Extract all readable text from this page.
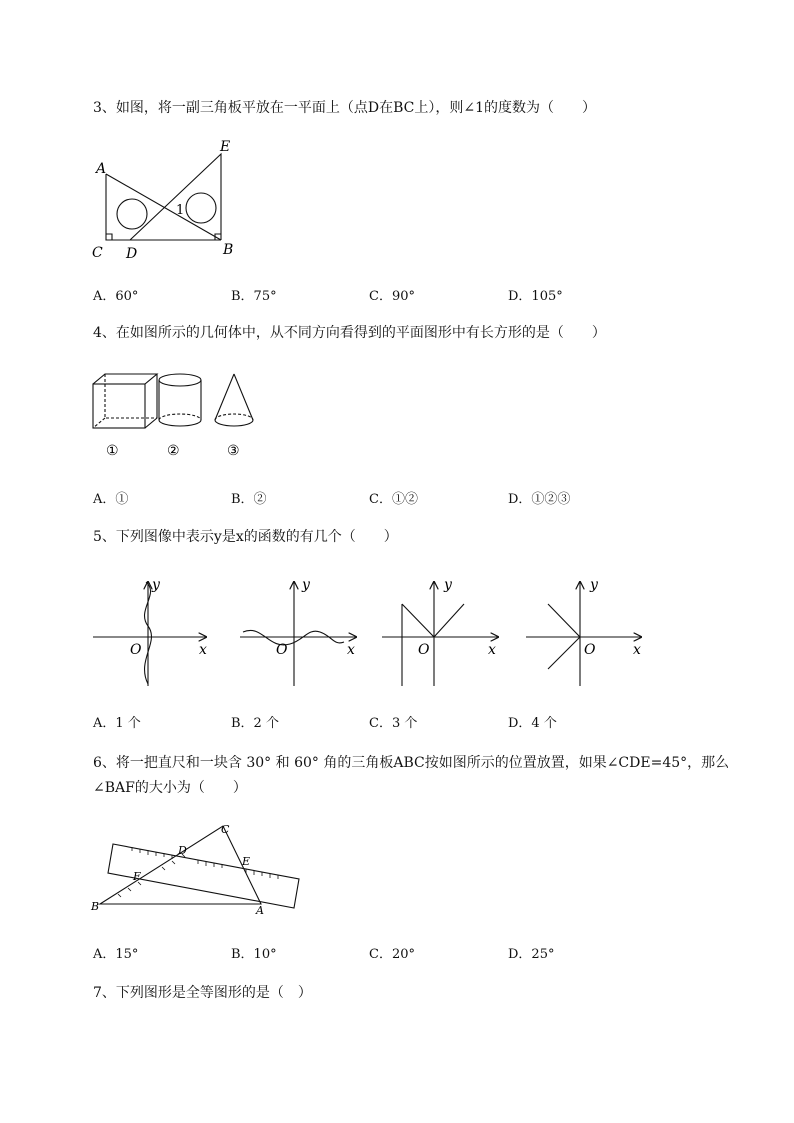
3、如图，将一副三角板平放在一平面上（点D在BC上），则∠1的度数为（　　）
A
B
C D
E
1
A．60°	B．75°	C．90°	D．105°
4、在如图所示的几何体中，从不同方向看得到的平面图形中有长方形的是（　　）
①	②	③
A．①	B．②	C．①②	D．①②③
5、下列图像中表示y是x的函数的有几个（　　）
y
x
O
y
x
O
y
x
O
y
x
O
A．1 个	B．2 个	C．3 个	D．4 个
6、将一把直尺和一块含 30° 和 60° 角的三角板ABC按如图所示的位置放置，如果∠CDE=45°，那么
∠BAF的大小为（　　）
B	A
C
D
E
F
A．15°	B．10°	C．20°	D．25°
7、下列图形是全等图形的是（　）
